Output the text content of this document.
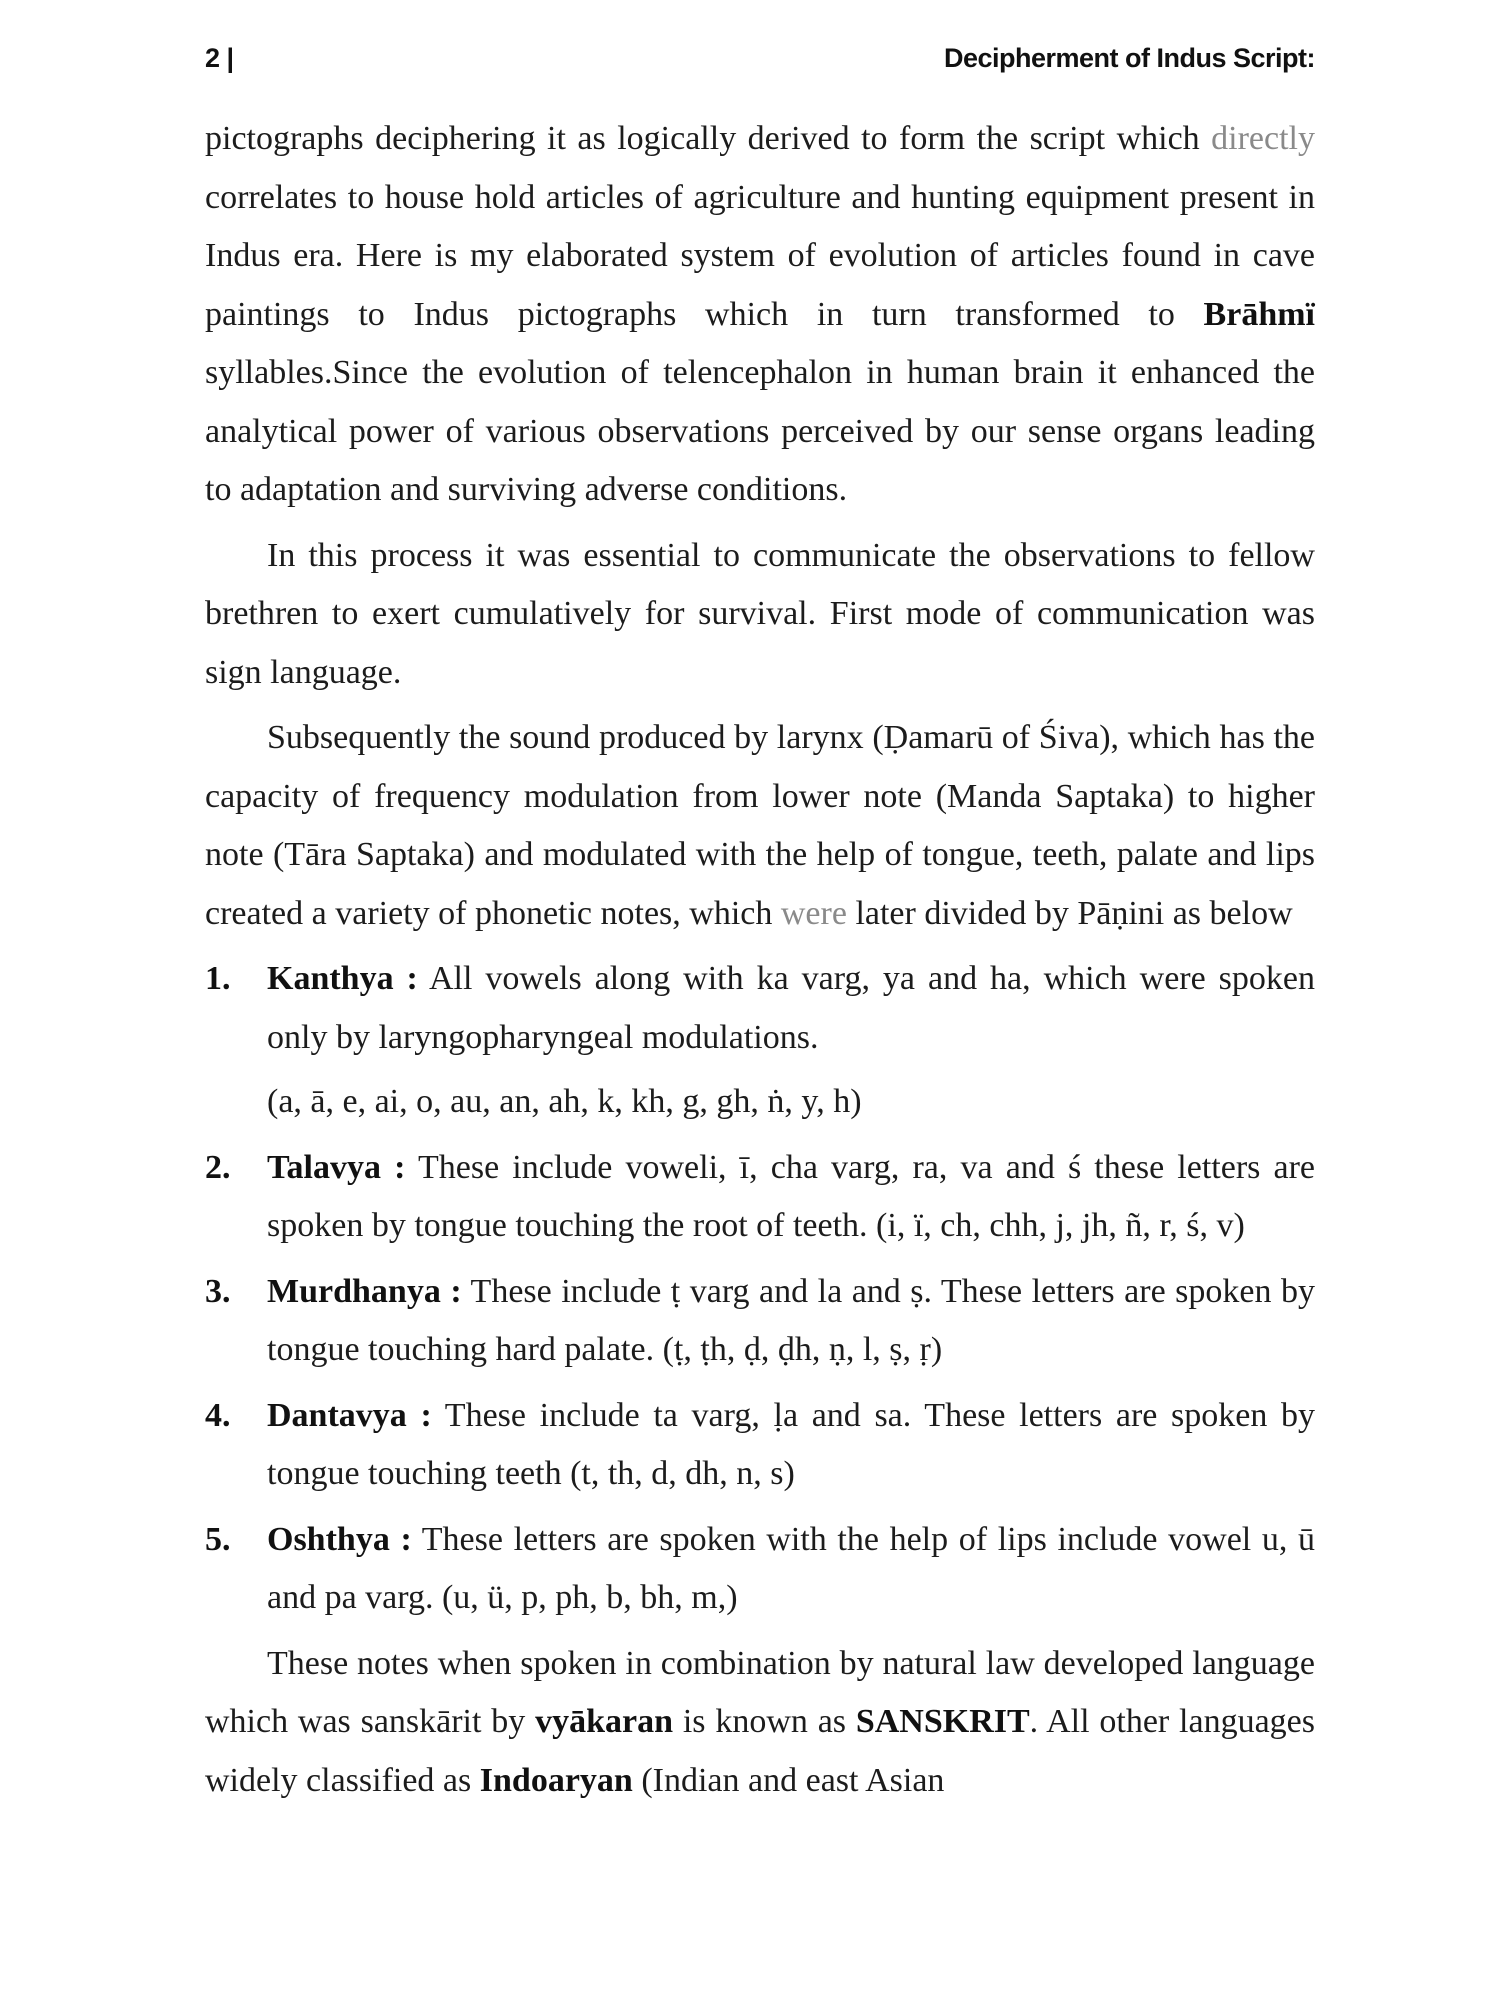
2 |	Decipherment of Indus Script:

pictographs deciphering it as logically derived to form the script which directly correlates to house hold articles of agriculture and hunting equipment present in Indus era. Here is my elaborated system of evolution of articles found in cave paintings to Indus pictographs which in turn transformed to Brāhmï syllables.Since the evolution of telencephalon in human brain it enhanced the analytical power of various observations perceived by our sense organs leading to adaptation and surviving adverse conditions.

In this process it was essential to communicate the observations to fellow brethren to exert cumulatively for survival. First mode of communication was sign language.

Subsequently the sound produced by larynx (Ḍamarū of Śiva), which has the capacity of frequency modulation from lower note (Manda Saptaka) to higher note (Tāra Saptaka) and modulated with the help of tongue, teeth, palate and lips created a variety of phonetic notes, which were later divided by Pāṇini as below

1. Kanthya : All vowels along with ka varg, ya and ha, which were spoken only by laryngopharyngeal modulations.
(a, ā, e, ai, o, au, an, ah, k, kh, g, gh, ṅ, y, h)
2. Talavya : These include voweli, ī, cha varg, ra, va and ś these letters are spoken by tongue touching the root of teeth. (i, ï, ch, chh, j, jh, ñ, r, ś, v)
3. Murdhanya : These include ṭ varg and la and ṣ. These letters are spoken by tongue touching hard palate. (ṭ, ṭh, ḍ, ḍh, ṇ, l, ṣ, ṛ)
4. Dantavya : These include ta varg, ḷa and sa. These letters are spoken by tongue touching teeth (t, th, d, dh, n, s)
5. Oshthya : These letters are spoken with the help of lips include vowel u, ū and pa varg. (u, ü, p, ph, b, bh, m,)

These notes when spoken in combination by natural law developed language which was sanskārit by vyākaran is known as SANSKRIT. All other languages widely classified as Indoaryan (Indian and east Asian
